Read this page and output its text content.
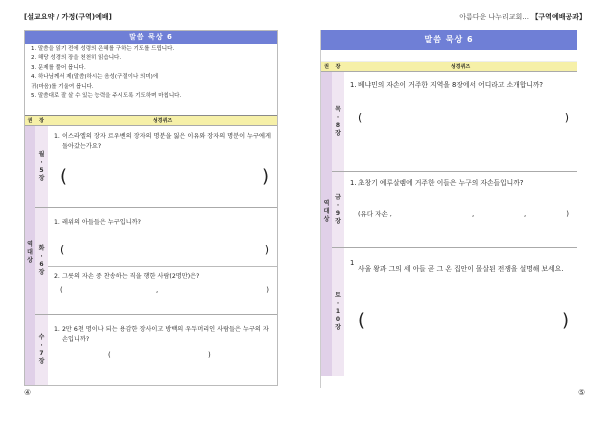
[설교요약 / 가정(구역)예배]	아름다운 나누리교회... 【구역예배공과】
말씀 묵상 6
1. 말씀을 읽기 전에 성령의 은혜를 구하는 기도를 드립니다.
2. 해당 성경의 장을 천천히 읽습니다.
3. 문제를 풀어 봅니다.
4. 하나님께서 제(말씀)하시는 음성(구절이나 의미)에
귀(마음)를 기울여 봅니다.
5. 말씀대로 잘 살 수 있는 능력을 주시도록 기도하며 마칩니다.
권	장	성경퀴즈
역
대
상
월
·
5
장
1. 이스라엘의 장자 르우벤의 장자의 명분을 잃은 이유와 장자의 명분이 누구에게 돌아갔는가요?
(	)
화
·
6
장
1. 레위의 아들들은 누구입니까?
(	)
2. 그릇의 자손 중 찬송하는 직을 행한 사람(2명만)은?
(	,	)
수
·
7
장
1. 2만 6천 명이나 되는 용감한 장사이고 방백의 우두머리인 사람들은 누구의 자손입니까?
(	)
④
말씀 묵상 6
권	장	성경퀴즈
역
대
상
목
·
8
장
1. 베냐민의 자손이 거주한 지역을 8장에서 어디라고 소개합니까?
(	)
금
·
9
장
1. 초창기 예루살렘에 거주한 이들은 누구의 자손들입니까?
(유다 자손 ,	,	,	)
토
·
1
0
장
1
사울 왕과 그의 세 아들 곧 그 온 집안이 몰살된 전쟁을 설명해 보세요.
(	)
⑤
